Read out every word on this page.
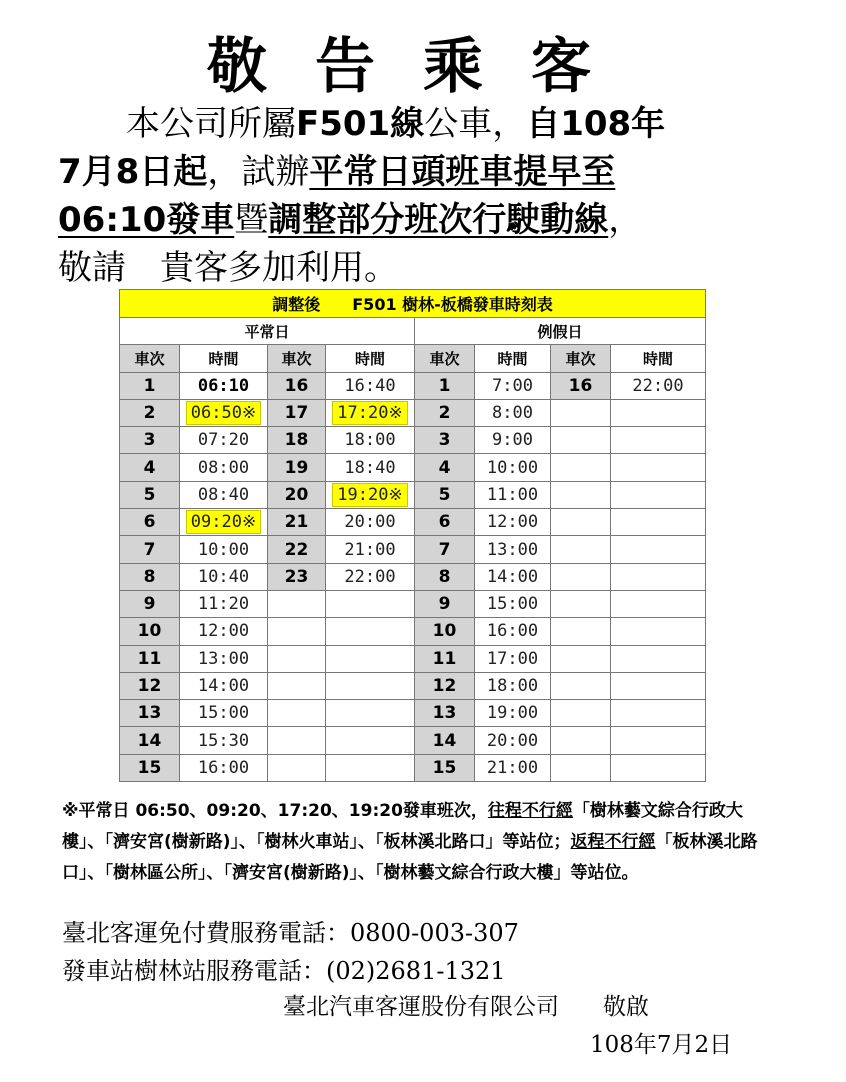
敬告乘客

本公司所屬F501線公車，自108年

7月8日起，試辦平常日頭班車提早至

06:10發車暨調整部分班次行駛動線，

敬請　貴客多加利用。

調整後　　F501 樹林-板橋發車時刻表							
平常日				例假日			
車次	時間	車次	時間	車次	時間	車次	時間
1	06:10	16	16:40	1	7:00	16	22:00
2	06:50※	17	17:20※	2	8:00		
3	07:20	18	18:00	3	9:00		
4	08:00	19	18:40	4	10:00		
5	08:40	20	19:20※	5	11:00		
6	09:20※	21	20:00	6	12:00		
7	10:00	22	21:00	7	13:00		
8	10:40	23	22:00	8	14:00		
9	11:20			9	15:00		
10	12:00			10	16:00		
11	13:00			11	17:00		
12	14:00			12	18:00		
13	15:00			13	19:00		
14	15:30			14	20:00		
15	16:00			15	21:00		
※平常日 06:50、09:20、17:20、19:20發車班次，往程不行經「樹林藝文綜合行政大樓」、「濟安宮(樹新路)」、「樹林火車站」、「板林溪北路口」等站位；返程不行經「板林溪北路口」、「樹林區公所」、「濟安宮(樹新路)」、「樹林藝文綜合行政大樓」等站位。
臺北客運免付費服務電話：0800-003-307
發車站樹林站服務電話：(02)2681-1321
臺北汽車客運股份有限公司 敬啟
108年7月2日
